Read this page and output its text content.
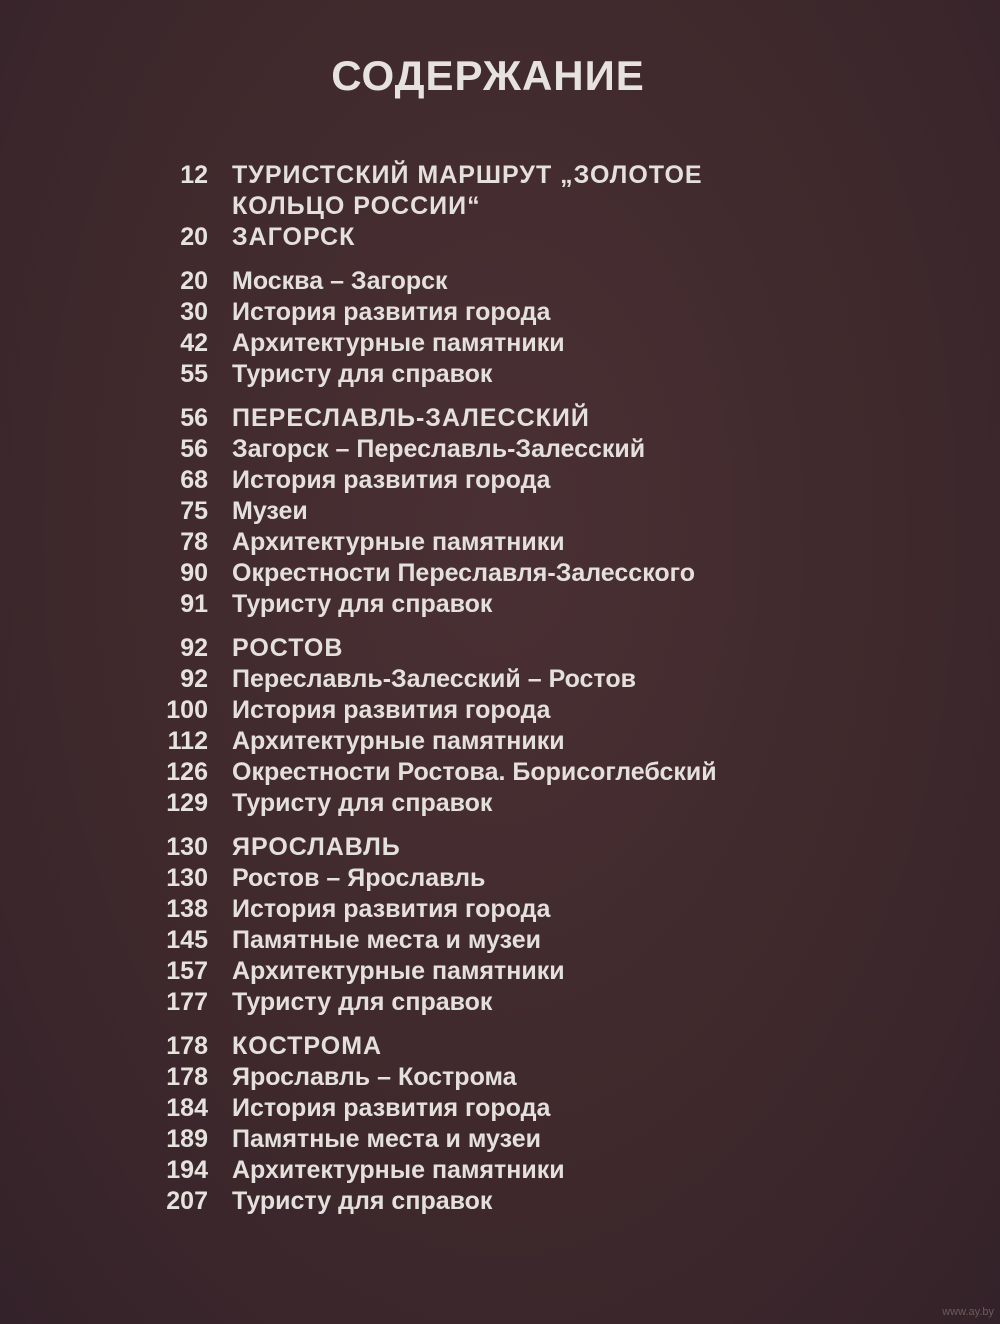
СОДЕРЖАНИЕ
12 ТУРИСТСКИЙ МАРШРУТ „ЗОЛОТОЕ
КОЛЬЦО РОССИИ“
20 ЗАГОРСК
20 Москва – Загорск
30 История развития города
42 Архитектурные памятники
55 Туристу для справок
56 ПЕРЕСЛАВЛЬ-ЗАЛЕССКИЙ
56 Загорск – Переславль-Залесский
68 История развития города
75 Музеи
78 Архитектурные памятники
90 Окрестности Переславля-Залесского
91 Туристу для справок
92 РОСТОВ
92 Переславль-Залесский – Ростов
100 История развития города
112 Архитектурные памятники
126 Окрестности Ростова. Борисоглебский
129 Туристу для справок
130 ЯРОСЛАВЛЬ
130 Ростов – Ярославль
138 История развития города
145 Памятные места и музеи
157 Архитектурные памятники
177 Туристу для справок
178 КОСТРОМА
178 Ярославль – Кострома
184 История развития города
189 Памятные места и музеи
194 Архитектурные памятники
207 Туристу для справок
www.ay.by
